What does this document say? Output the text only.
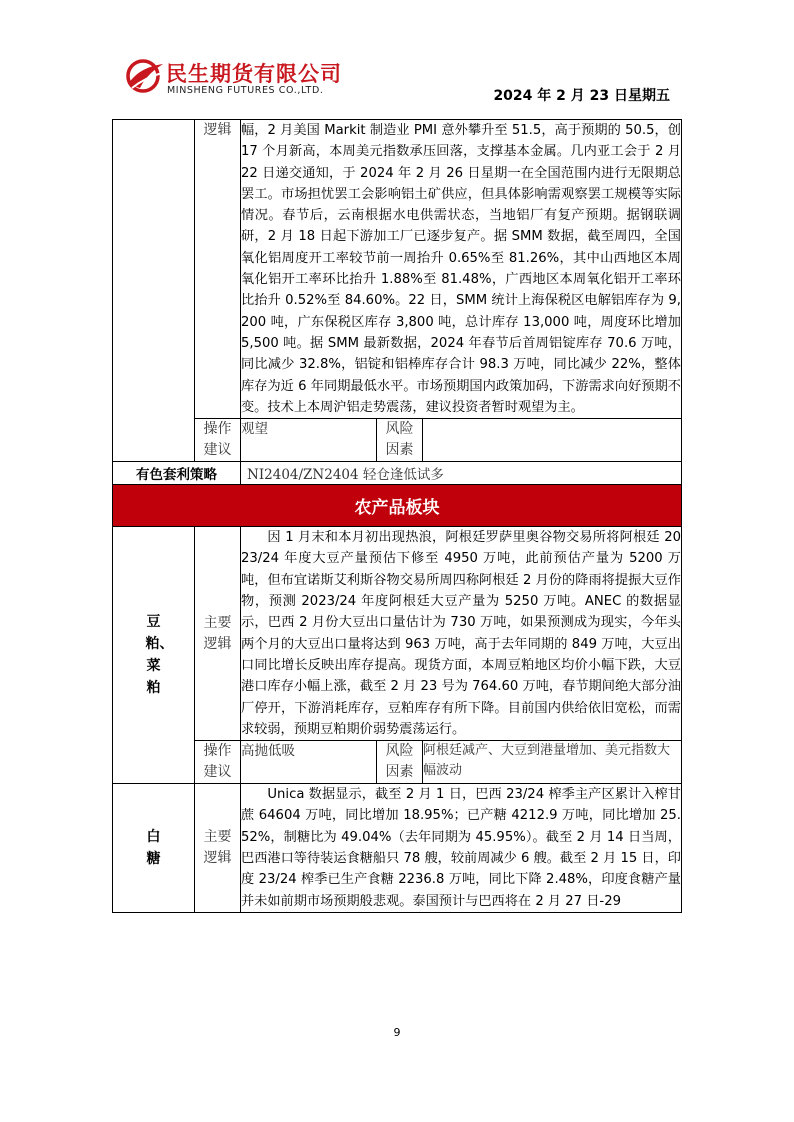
民生期货有限公司
MINSHENG FUTURES CO.,LTD.	2024 年 2 月 23 日星期五
	逻辑	幅，2 月美国 Markit 制造业 PMI 意外攀升至 51.5，高于预期的 50.5，创 17 个月新高，本周美元指数承压回落，支撑基本金属。几内亚工会于 2 月 22 日递交通知，于 2024 年 2 月 26 日星期一在全国范围内进行无限期总罢工。市场担忧罢工会影响铝土矿供应，但具体影响需观察罢工规模等实际情况。春节后，云南根据水电供需状态，当地铝厂有复产预期。据钢联调研，2 月 18 日起下游加工厂已逐步复产。据 SMM 数据，截至周四，全国氧化铝周度开工率较节前一周抬升 0.65%至 81.26%，其中山西地区本周氧化铝开工率环比抬升 1.88%至 81.48%，广西地区本周氧化铝开工率环比抬升 0.52%至 84.60%。22 日，SMM 统计上海保税区电解铝库存为 9,200 吨，广东保税区库存 3,800 吨，总计库存 13,000 吨，周度环比增加 5,500 吨。据 SMM 最新数据，2024 年春节后首周铝锭库存 70.6 万吨，同比减少 32.8%，铝锭和铝棒库存合计 98.3 万吨，同比减少 22%，整体库存为近 6 年同期最低水平。市场预期国内政策加码，下游需求向好预期不变。技术上本周沪铝走势震荡，建议投资者暂时观望为主。		
	操作建议	观望	风险因素	
有色套利策略		NI2404/ZN2404 轻仓逢低试多		
农产品板块				
豆粕、菜粕	主要逻辑	因 1 月末和本月初出现热浪，阿根廷罗萨里奥谷物交易所将阿根廷 2023/24 年度大豆产量预估下修至 4950 万吨，此前预估产量为 5200 万吨，但布宜诺斯艾利斯谷物交易所周四称阿根廷 2 月份的降雨将提振大豆作物，预测 2023/24 年度阿根廷大豆产量为 5250 万吨。ANEC 的数据显示，巴西 2 月份大豆出口量估计为 730 万吨，如果预测成为现实，今年头两个月的大豆出口量将达到 963 万吨，高于去年同期的 849 万吨，大豆出口同比增长反映出库存提高。现货方面，本周豆粕地区均价小幅下跌，大豆港口库存小幅上涨，截至 2 月 23 号为 764.60 万吨，春节期间绝大部分油厂停开，下游消耗库存，豆粕库存有所下降。目前国内供给依旧宽松，而需求较弱，预期豆粕期价弱势震荡运行。		
	操作建议	高抛低吸	风险因素	阿根廷减产、大豆到港量增加、美元指数大幅波动
白糖	主要逻辑	Unica 数据显示，截至 2 月 1 日，巴西 23/24 榨季主产区累计入榨甘蔗 64604 万吨，同比增加 18.95%；已产糖 4212.9 万吨，同比增加 25.52%，制糖比为 49.04%（去年同期为 45.95%）。截至 2 月 14 日当周，巴西港口等待装运食糖船只 78 艘，较前周减少 6 艘。截至 2 月 15 日，印度 23/24 榨季已生产食糖 2236.8 万吨，同比下降 2.48%，印度食糖产量并未如前期市场预期般悲观。泰国预计与巴西将在 2 月 27 日-29		
9
